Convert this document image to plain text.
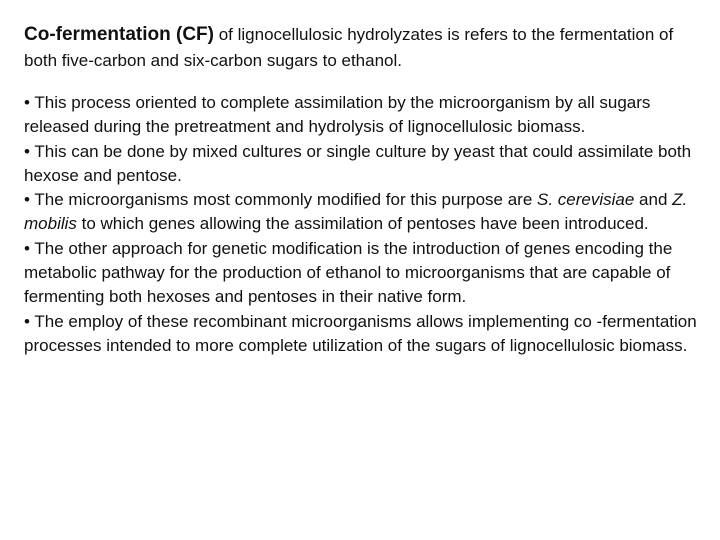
Co-fermentation (CF) of lignocellulosic hydrolyzates is refers to the fermentation of both five-carbon and six-carbon sugars to ethanol.

• This process oriented to complete assimilation by the microorganism by all sugars released during the pretreatment and hydrolysis of lignocellulosic biomass.
• This can be done by mixed cultures or single culture by yeast that could assimilate both hexose and pentose.
• The microorganisms most commonly modified for this purpose are S. cerevisiae and Z. mobilis to which genes allowing the assimilation of pentoses have been introduced.
• The other approach for genetic modification is the introduction of genes encoding the metabolic pathway for the production of ethanol to microorganisms that are capable of fermenting both hexoses and pentoses in their native form.
• The employ of these recombinant microorganisms allows implementing co -fermentation processes intended to more complete utilization of the sugars of lignocellulosic biomass.
